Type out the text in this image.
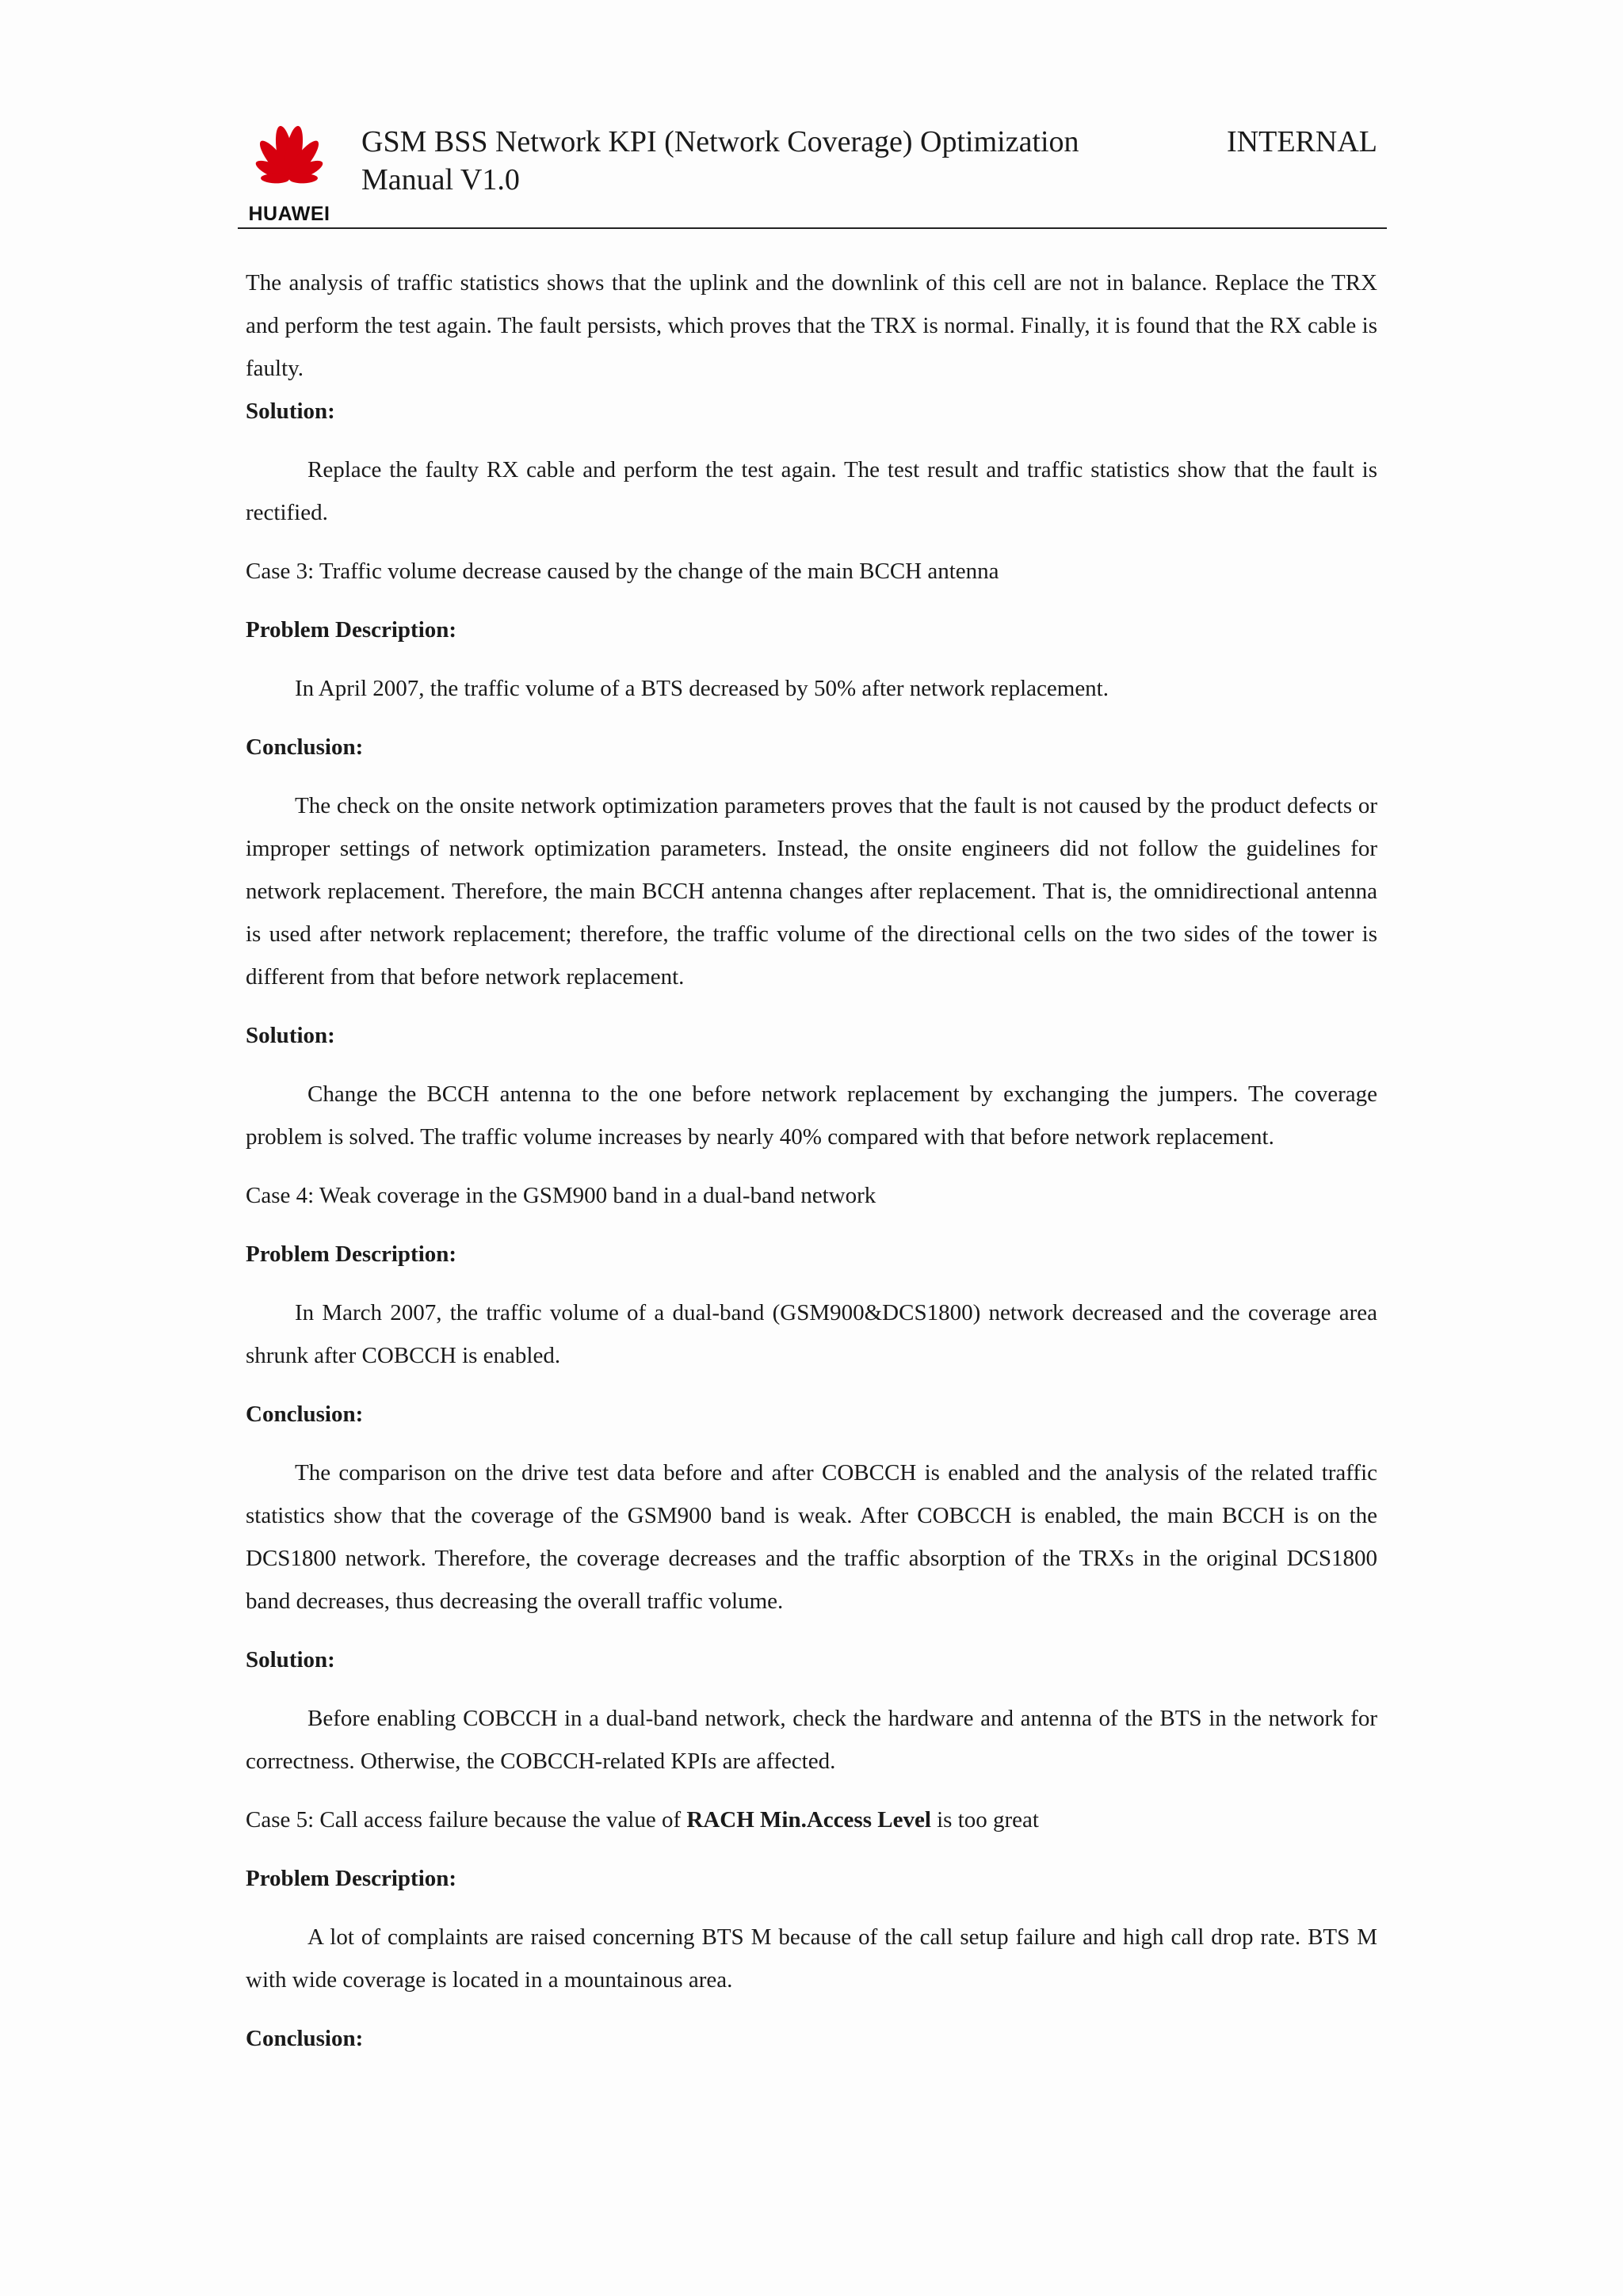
HUAWEI
GSM BSS Network KPI (Network Coverage) Optimization Manual V1.0
INTERNAL

The analysis of traffic statistics shows that the uplink and the downlink of this cell are not in balance. Replace the TRX and perform the test again. The fault persists, which proves that the TRX is normal. Finally, it is found that the RX cable is faulty.

Solution:

Replace the faulty RX cable and perform the test again. The test result and traffic statistics show that the fault is rectified.

Case 3: Traffic volume decrease caused by the change of the main BCCH antenna

Problem Description:

In April 2007, the traffic volume of a BTS decreased by 50% after network replacement.

Conclusion:

The check on the onsite network optimization parameters proves that the fault is not caused by the product defects or improper settings of network optimization parameters. Instead, the onsite engineers did not follow the guidelines for network replacement. Therefore, the main BCCH antenna changes after replacement. That is, the omnidirectional antenna is used after network replacement; therefore, the traffic volume of the directional cells on the two sides of the tower is different from that before network replacement.

Solution:

Change the BCCH antenna to the one before network replacement by exchanging the jumpers. The coverage problem is solved. The traffic volume increases by nearly 40% compared with that before network replacement.

Case 4: Weak coverage in the GSM900 band in a dual-band network

Problem Description:

In March 2007, the traffic volume of a dual-band (GSM900&DCS1800) network decreased and the coverage area shrunk after COBCCH is enabled.

Conclusion:

The comparison on the drive test data before and after COBCCH is enabled and the analysis of the related traffic statistics show that the coverage of the GSM900 band is weak. After COBCCH is enabled, the main BCCH is on the DCS1800 network. Therefore, the coverage decreases and the traffic absorption of the TRXs in the original DCS1800 band decreases, thus decreasing the overall traffic volume.

Solution:

Before enabling COBCCH in a dual-band network, check the hardware and antenna of the BTS in the network for correctness. Otherwise, the COBCCH-related KPIs are affected.

Case 5: Call access failure because the value of RACH Min.Access Level is too great

Problem Description:

A lot of complaints are raised concerning BTS M because of the call setup failure and high call drop rate. BTS M with wide coverage is located in a mountainous area.

Conclusion:
